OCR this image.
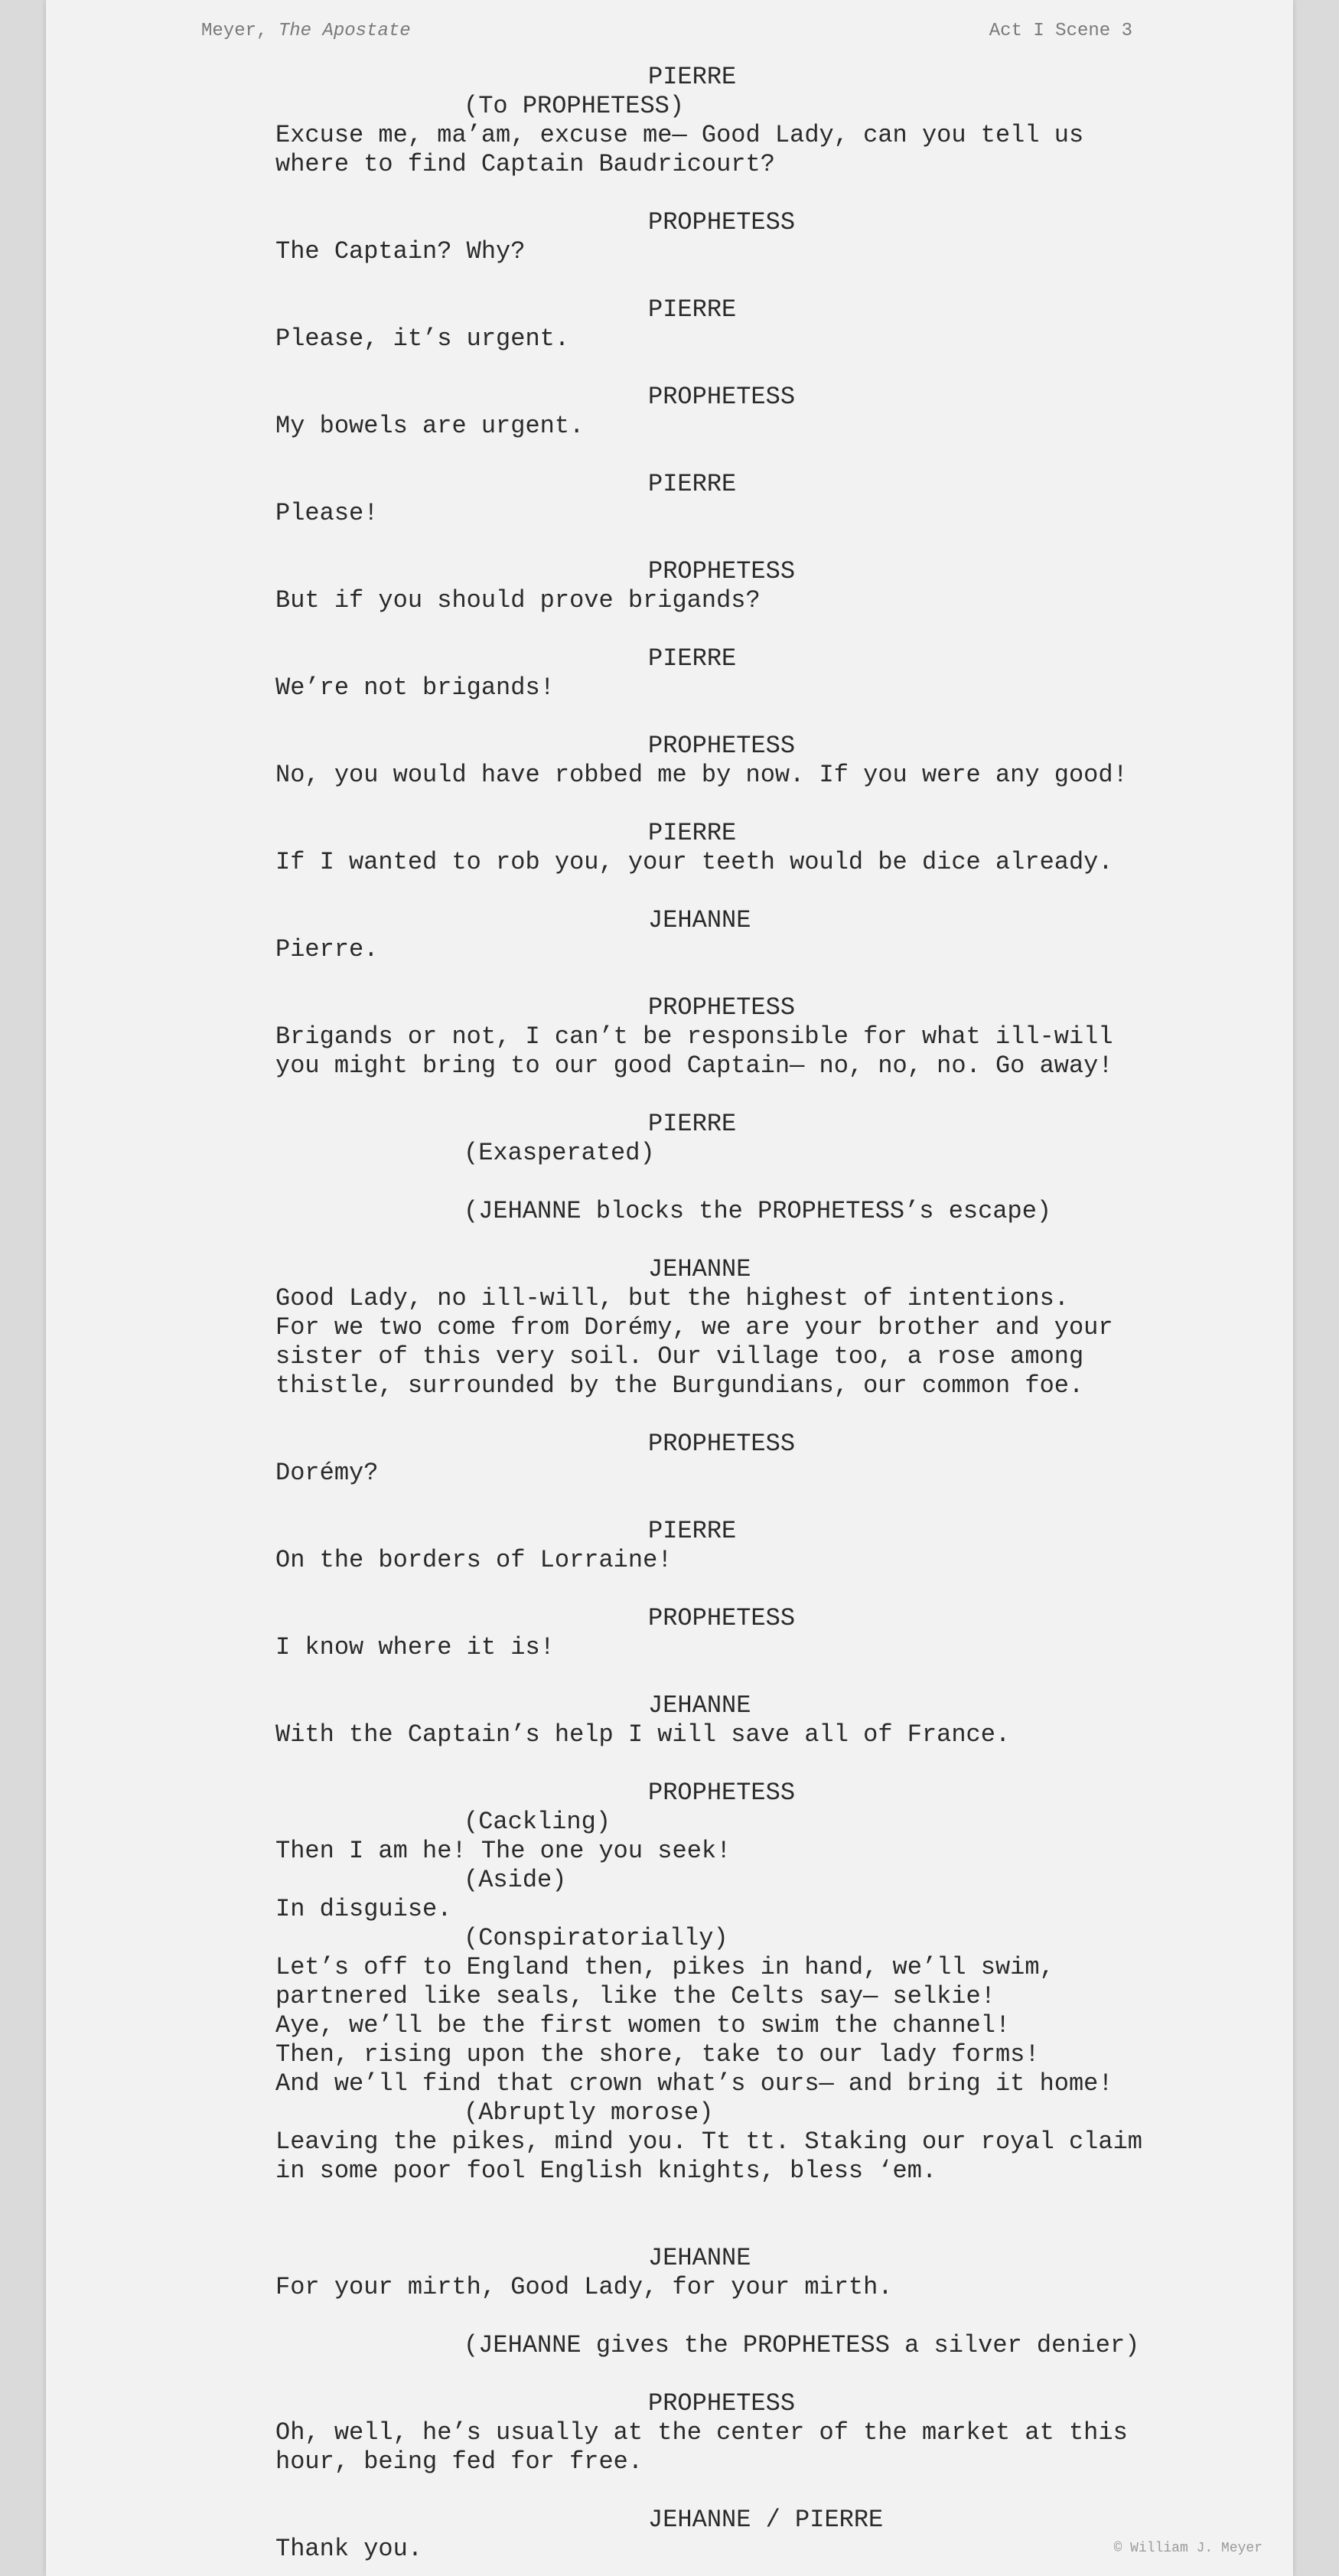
Meyer, The Apostate	Act I Scene 3
PIERRE
(To PROPHETESS)
Excuse me, ma’am, excuse me— Good Lady, can you tell us
where to find Captain Baudricourt?
PROPHETESS
The Captain? Why?
PIERRE
Please, it’s urgent.
PROPHETESS
My bowels are urgent.
PIERRE
Please!
PROPHETESS
But if you should prove brigands?
PIERRE
We’re not brigands!
PROPHETESS
No, you would have robbed me by now. If you were any good!
PIERRE
If I wanted to rob you, your teeth would be dice already.
JEHANNE
Pierre.
PROPHETESS
Brigands or not, I can’t be responsible for what ill-will
you might bring to our good Captain— no, no, no. Go away!
PIERRE
(Exasperated)
(JEHANNE blocks the PROPHETESS’s escape)
JEHANNE
Good Lady, no ill-will, but the highest of intentions.
For we two come from Dorémy, we are your brother and your
sister of this very soil. Our village too, a rose among
thistle, surrounded by the Burgundians, our common foe.
PROPHETESS
Dorémy?
PIERRE
On the borders of Lorraine!
PROPHETESS
I know where it is!
JEHANNE
With the Captain’s help I will save all of France.
PROPHETESS
(Cackling)
Then I am he! The one you seek!
(Aside)
In disguise.
(Conspiratorially)
Let’s off to England then, pikes in hand, we’ll swim,
partnered like seals, like the Celts say— selkie!
Aye, we’ll be the first women to swim the channel!
Then, rising upon the shore, take to our lady forms!
And we’ll find that crown what’s ours— and bring it home!
(Abruptly morose)
Leaving the pikes, mind you. Tt tt. Staking our royal claim
in some poor fool English knights, bless ‘em.
JEHANNE
For your mirth, Good Lady, for your mirth.
(JEHANNE gives the PROPHETESS a silver denier)
PROPHETESS
Oh, well, he’s usually at the center of the market at this
hour, being fed for free.
JEHANNE / PIERRE
Thank you.	© William J. Meyer
